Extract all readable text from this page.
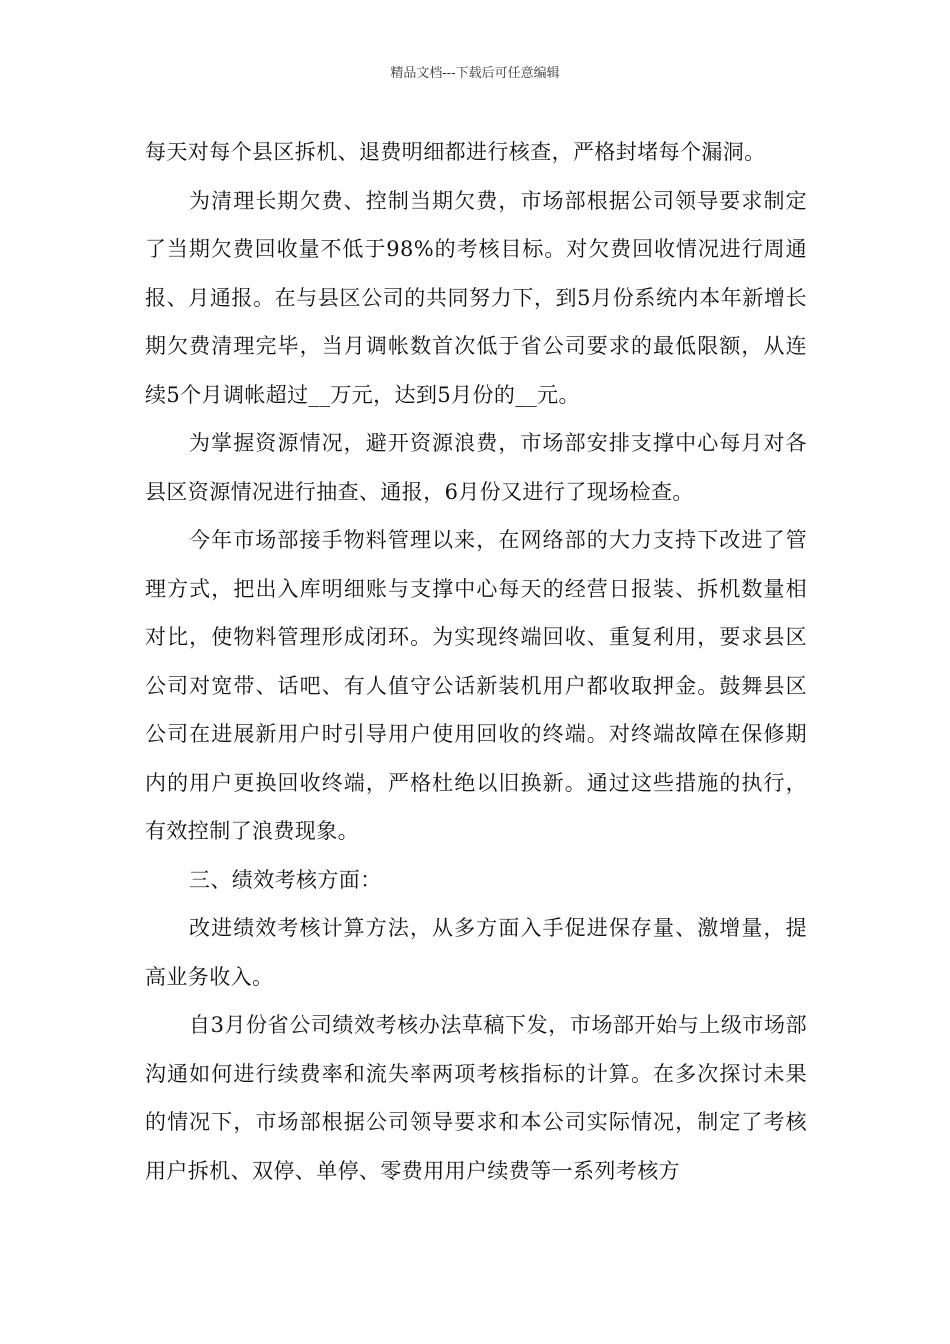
精品文档---下载后可任意编辑

每天对每个县区拆机、退费明细都进行核查，严格封堵每个漏洞。

为清理长期欠费、控制当期欠费，市场部根据公司领导要求制定了当期欠费回收量不低于98%的考核目标。对欠费回收情况进行周通报、月通报。在与县区公司的共同努力下，到5月份系统内本年新增长期欠费清理完毕，当月调帐数首次低于省公司要求的最低限额，从连续5个月调帐超过__万元，达到5月份的__元。

为掌握资源情况，避开资源浪费，市场部安排支撑中心每月对各县区资源情况进行抽查、通报，6月份又进行了现场检查。

今年市场部接手物料管理以来，在网络部的大力支持下改进了管理方式，把出入库明细账与支撑中心每天的经营日报装、拆机数量相对比，使物料管理形成闭环。为实现终端回收、重复利用，要求县区公司对宽带、话吧、有人值守公话新装机用户都收取押金。鼓舞县区公司在进展新用户时引导用户使用回收的终端。对终端故障在保修期内的用户更换回收终端，严格杜绝以旧换新。通过这些措施的执行，有效控制了浪费现象。

三、绩效考核方面：

改进绩效考核计算方法，从多方面入手促进保存量、激增量，提高业务收入。

自3月份省公司绩效考核办法草稿下发，市场部开始与上级市场部沟通如何进行续费率和流失率两项考核指标的计算。在多次探讨未果的情况下，市场部根据公司领导要求和本公司实际情况，制定了考核用户拆机、双停、单停、零费用用户续费等一系列考核方
